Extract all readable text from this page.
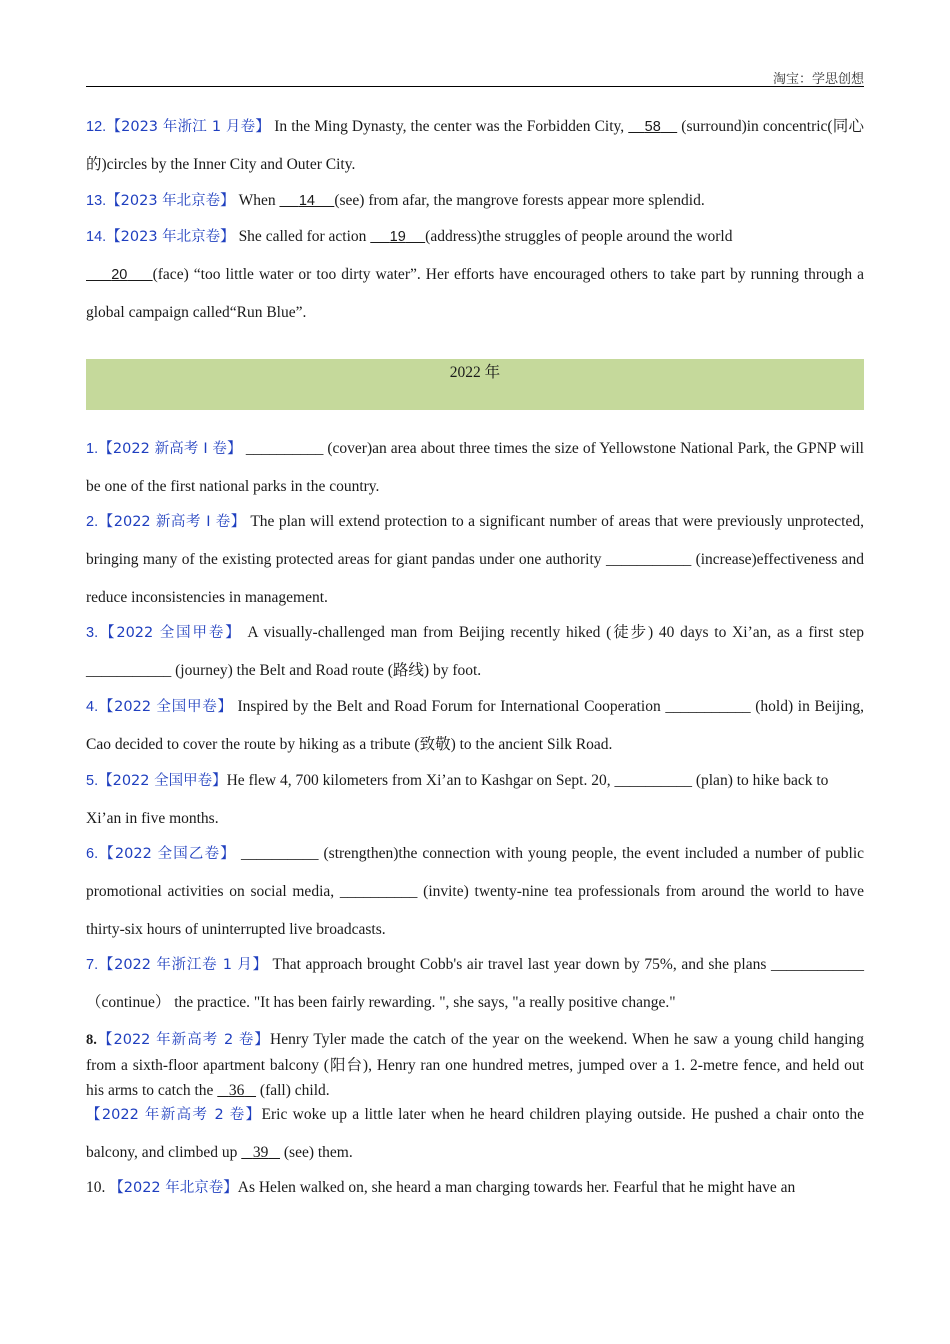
淘宝：学思创想
12.【2023 年浙江 1 月卷】 In the Ming Dynasty, the center was the Forbidden City, 58 (surround)in concentric(同心的)circles by the Inner City and Outer City.
13.【2023 年北京卷】 When 14 (see) from afar, the mangrove forests appear more splendid.
14.【2023 年北京卷】 She called for action 19 (address)the struggles of people around the world
20 (face) “too little water or too dirty water”. Her efforts have encouraged others to take part by running through a global campaign called“Run Blue”.
2022 年
1.【2022 新高考 I 卷】 __________ (cover)an area about three times the size of Yellowstone National Park, the GPNP will be one of the first national parks in the country.
2.【2022 新高考 I 卷】 The plan will extend protection to a significant number of areas that were previously unprotected, bringing many of the existing protected areas for giant pandas under one authority ___________ (increase)effectiveness and reduce inconsistencies in management.
3.【2022 全国甲卷】 A visually-challenged man from Beijing recently hiked (徒步) 40 days to Xi’an, as a first step ___________ (journey) the Belt and Road route (路线) by foot.
4.【2022 全国甲卷】 Inspired by the Belt and Road Forum for International Cooperation ___________ (hold) in Beijing, Cao decided to cover the route by hiking as a tribute (致敬) to the ancient Silk Road.
5.【2022 全国甲卷】He flew 4, 700 kilometers from Xi’an to Kashgar on Sept. 20, __________ (plan) to hike back to Xi’an in five months.
6.【2022 全国乙卷】 __________ (strengthen)the connection with young people, the event included a number of public promotional activities on social media, __________ (invite) twenty-nine tea professionals from around the world to have thirty-six hours of uninterrupted live broadcasts.
7.【2022 年浙江卷 1 月】 That approach brought Cobb's air travel last year down by 75%, and she plans ____________（continue） the practice. "It has been fairly rewarding. ", she says, "a really positive change."
8.【2022 年新高考 2 卷】Henry Tyler made the catch of the year on the weekend. When he saw a young child hanging from a sixth-floor apartment balcony (阳台), Henry ran one hundred metres, jumped over a 1. 2-metre fence, and held out his arms to catch the 36 (fall) child.
【2022 年新高考 2 卷】Eric woke up a little later when he heard children playing outside. He pushed a chair onto the balcony, and climbed up 39 (see) them.
10. 【2022 年北京卷】As Helen walked on, she heard a man charging towards her. Fearful that he might have an
